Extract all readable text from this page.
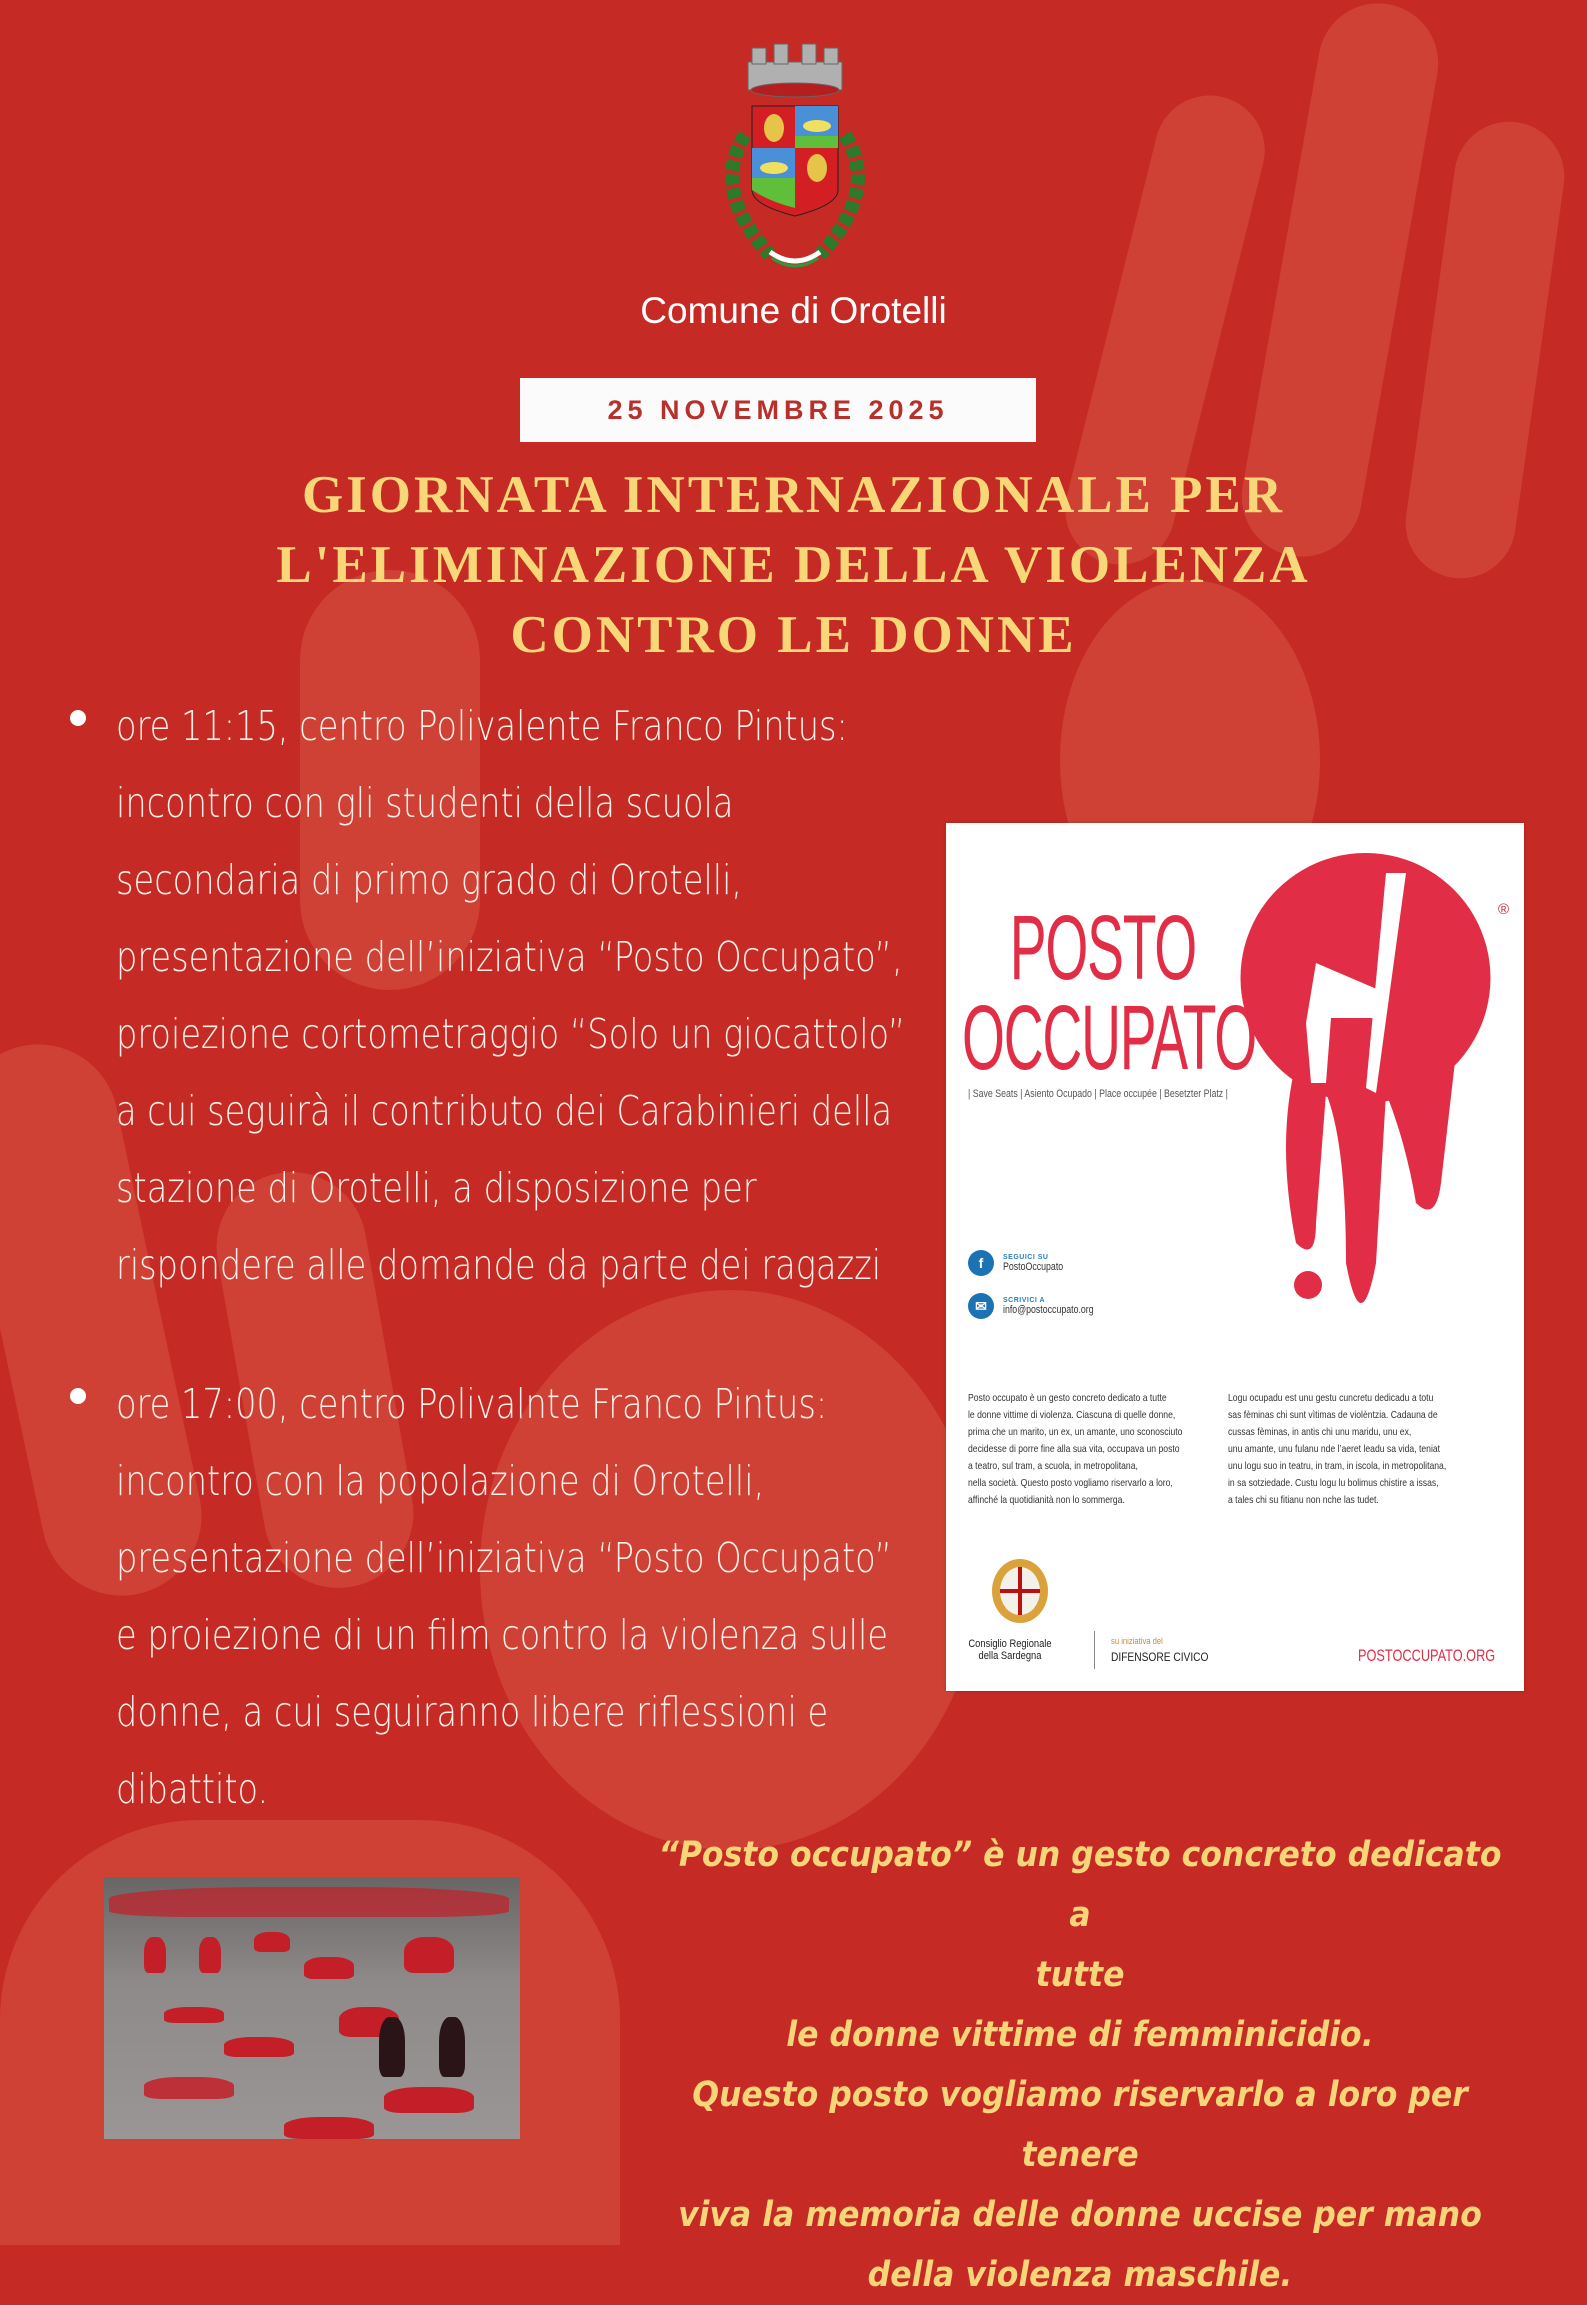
Comune di Orotelli
25 NOVEMBRE 2025
GIORNATA INTERNAZIONALE PER
L'ELIMINAZIONE DELLA VIOLENZA
CONTRO LE DONNE
ore 11:15, centro Polivalente Franco Pintus:
incontro con gli studenti della scuola
secondaria di primo grado di Orotelli,
presentazione dell’iniziativa “Posto Occupato”,
proiezione cortometraggio “Solo un giocattolo”
a cui seguirà il contributo dei Carabinieri della
stazione di Orotelli, a disposizione per
rispondere alle domande da parte dei ragazzi
ore 17:00, centro Polivalnte Franco Pintus:
incontro con la popolazione di Orotelli,
presentazione dell’iniziativa “Posto Occupato”
e proiezione di un film contro la violenza sulle
donne, a cui seguiranno libere riflessioni e
dibattito.
POSTO
OCCUPATO
®
| Save Seats | Asiento Ocupado | Place occupée | Besetzter Platz |
f	SEGUICI SU
PostoOccupato
✉	SCRIVICI A
info@postoccupato.org
Posto occupato è un gesto concreto dedicato a tutte
le donne vittime di violenza. Ciascuna di quelle donne,
prima che un marito, un ex, un amante, uno sconosciuto
decidesse di porre fine alla sua vita, occupava un posto
a teatro, sul tram, a scuola, in metropolitana,
nella società. Questo posto vogliamo riservarlo a loro,
affinché la quotidianità non lo sommerga.
Logu ocupadu est unu gestu cuncretu dedicadu a totu
sas fèminas chi sunt vìtimas de violèntzia. Cadauna de
cussas fèminas, in antis chi unu maridu, unu ex,
unu amante, unu fulanu nde l’aeret leadu sa vida, teniat
unu logu suo in teatru, in tram, in iscola, in metropolitana,
in sa sotziedade. Custu logu lu bolimus chistire a issas,
a tales chi su fitianu non nche las tudet.
Consiglio Regionale
della Sardegna
su iniziativa del
DIFENSORE CIVICO	POSTOCCUPATO.ORG
“Posto occupato” è un gesto concreto dedicato a
tutte
le donne vittime di femminicidio.
Questo posto vogliamo riservarlo a loro per tenere
viva la memoria delle donne uccise per mano
della violenza maschile.
